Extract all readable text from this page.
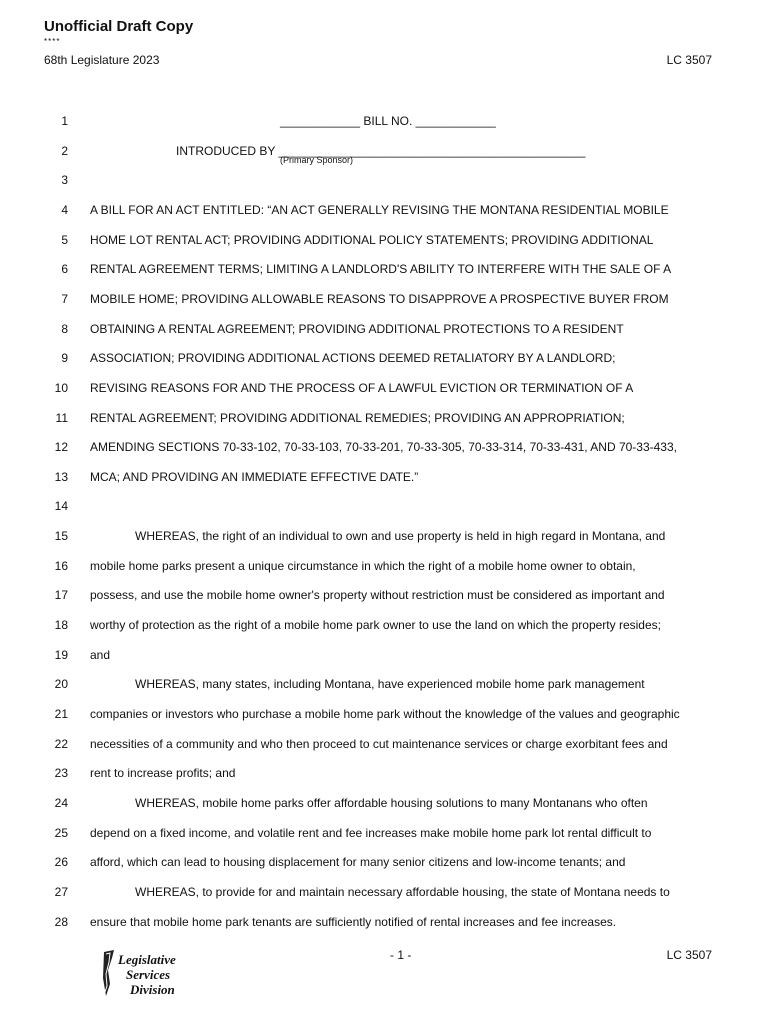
Unofficial Draft Copy
****
68th Legislature 2023	LC 3507
1
2
3
4 A BILL FOR AN ACT ENTITLED: “AN ACT GENERALLY REVISING THE MONTANA RESIDENTIAL MOBILE
5 HOME LOT RENTAL ACT; PROVIDING ADDITIONAL POLICY STATEMENTS; PROVIDING ADDITIONAL
6 RENTAL AGREEMENT TERMS; LIMITING A LANDLORD'S ABILITY TO INTERFERE WITH THE SALE OF A
7 MOBILE HOME; PROVIDING ALLOWABLE REASONS TO DISAPPROVE A PROSPECTIVE BUYER FROM
8 OBTAINING A RENTAL AGREEMENT; PROVIDING ADDITIONAL PROTECTIONS TO A RESIDENT
9 ASSOCIATION; PROVIDING ADDITIONAL ACTIONS DEEMED RETALIATORY BY A LANDLORD;
10 REVISING REASONS FOR AND THE PROCESS OF A LAWFUL EVICTION OR TERMINATION OF A
11 RENTAL AGREEMENT; PROVIDING ADDITIONAL REMEDIES; PROVIDING AN APPROPRIATION;
12 AMENDING SECTIONS 70-33-102, 70-33-103, 70-33-201, 70-33-305, 70-33-314, 70-33-431, AND 70-33-433,
13 MCA; AND PROVIDING AN IMMEDIATE EFFECTIVE DATE.”
14
15	WHEREAS, the right of an individual to own and use property is held in high regard in Montana, and
16 mobile home parks present a unique circumstance in which the right of a mobile home owner to obtain,
17 possess, and use the mobile home owner's property without restriction must be considered as important and
18 worthy of protection as the right of a mobile home park owner to use the land on which the property resides;
19 and
20	WHEREAS, many states, including Montana, have experienced mobile home park management
21 companies or investors who purchase a mobile home park without the knowledge of the values and geographic
22 necessities of a community and who then proceed to cut maintenance services or charge exorbitant fees and
23 rent to increase profits; and
24	WHEREAS, mobile home parks offer affordable housing solutions to many Montanans who often
25 depend on a fixed income, and volatile rent and fee increases make mobile home park lot rental difficult to
26 afford, which can lead to housing displacement for many senior citizens and low-income tenants; and
27	WHEREAS, to provide for and maintain necessary affordable housing, the state of Montana needs to
28 ensure that mobile home park tenants are sufficiently notified of rental increases and fee increases.
____________ BILL NO. ____________
INTRODUCED BY ______________________________________________
(Primary Sponsor)
Legislative
Services
Division
- 1 -	LC 3507
